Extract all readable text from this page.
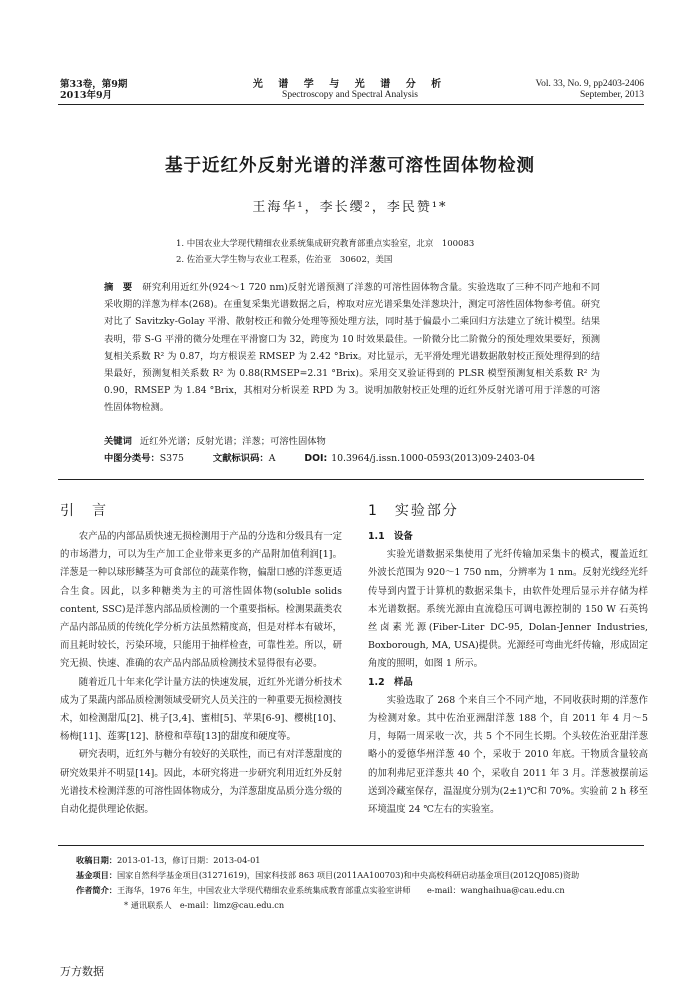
第33卷，第9期
2013年9月
光 谱 学 与 光 谱 分 析
Spectroscopy and Spectral Analysis
Vol. 33, No. 9, pp2403-2406
September, 2013
基于近红外反射光谱的洋葱可溶性固体物检测
王海华¹，李长缨²，李民赞¹*
1. 中国农业大学现代精细农业系统集成研究教育部重点实验室，北京　100083
2. 佐治亚大学生物与农业工程系，佐治亚　30602，美国
摘　要 研究利用近红外(924～1 720 nm)反射光谱预测了洋葱的可溶性固体物含量。实验选取了三种不同产地和不同采收期的洋葱为样本(268)。在重复采集光谱数据之后，榨取对应光谱采集处洋葱块汁，测定可溶性固体物参考值。研究对比了 Savitzky-Golay 平滑、散射校正和微分处理等预处理方法，同时基于偏最小二乘回归方法建立了统计模型。结果表明，带 S-G 平滑的微分处理在平滑窗口为 32，跨度为 10 时效果最佳。一阶微分比二阶微分的预处理效果要好，预测复相关系数 R² 为 0.87，均方根误差 RMSEP 为 2.42 °Brix。对比显示，无平滑处理光谱数据散射校正预处理得到的结果最好，预测复相关系数 R² 为 0.88(RMSEP=2.31 °Brix)。采用交叉验证得到的 PLSR 模型预测复相关系数 R² 为 0.90，RMSEP 为 1.84 °Brix，其相对分析误差 RPD 为 3。说明加散射校正处理的近红外反射光谱可用于洋葱的可溶性固体物检测。
关键词 近红外光谱；反射光谱；洋葱；可溶性固体物
中图分类号：S375	文献标识码：A	DOI: 10.3964/j.issn.1000-0593(2013)09-2403-04
引言	1　实验部分

农产品的内部品质快速无损检测用于产品的分选和分级具有一定的市场潜力，可以为生产加工企业带来更多的产品附加值利润[1]。洋葱是一种以球形鳞茎为可食部位的蔬菜作物，偏甜口感的洋葱更适合生食。因此，以多种糖类为主的可溶性固体物(soluble solids content, SSC)是洋葱内部品质检测的一个重要指标。检测果蔬类农产品内部品质的传统化学分析方法虽然精度高，但是对样本有破坏，而且耗时较长，污染环境，只能用于抽样检查，可靠性差。所以，研究无损、快速、准确的农产品内部品质检测技术显得很有必要。

随着近几十年来化学计量方法的快速发展，近红外光谱分析技术成为了果蔬内部品质检测领域受研究人员关注的一种重要无损检测技术，如检测甜瓜[2]、桃子[3,4]、蜜柑[5]、苹果[6-9]、樱桃[10]、杨梅[11]、莲雾[12]、脐橙和草莓[13]的甜度和硬度等。

研究表明，近红外与糖分有较好的关联性，而已有对洋葱甜度的研究效果并不明显[14]。因此，本研究将进一步研究利用近红外反射光谱技术检测洋葱的可溶性固体物成分，为洋葱甜度品质分选分级的自动化提供理论依据。

1.1　设备

实验光谱数据采集使用了光纤传输加采集卡的模式，覆盖近红外波长范围为 920～1 750 nm，分辨率为 1 nm。反射光线经光纤传导到内置于计算机的数据采集卡，由软件处理后显示并存储为样本光谱数据。系统光源由直流稳压可调电源控制的 150 W 石英钨丝卤素光源(Fiber-Liter DC-95, Dolan-Jenner Industries, Boxborough, MA, USA)提供。光源经可弯曲光纤传输，形成固定角度的照明，如图 1 所示。

1.2　样品

实验选取了 268 个来自三个不同产地，不同收获时期的洋葱作为检测对象。其中佐治亚洲甜洋葱 188 个，自 2011 年 4 月～5 月，每隔一周采收一次，共 5 个不同生长期。个头较佐治亚甜洋葱略小的爱德华州洋葱 40 个，采收于 2010 年底。干物质含量较高的加利弗尼亚洋葱共 40 个，采收自 2011 年 3 月。洋葱被摆前运送到冷藏室保存，温湿度分别为(2±1)℃和 70%。实验前 2 h 移至环境温度 24 ℃左右的实验室。

收稿日期：2013-01-13，修订日期：2013-04-01
基金项目：国家自然科学基金项目(31271619)，国家科技部 863 项目(2011AA100703)和中央高校科研启动基金项目(2012QJ085)资助
作者简介：王海华，1976 年生，中国农业大学现代精细农业系统集成教育部重点实验室讲师　　e-mail：wanghaihua@cau.edu.cn
* 通讯联系人　e-mail：limz@cau.edu.cn
万方数据
